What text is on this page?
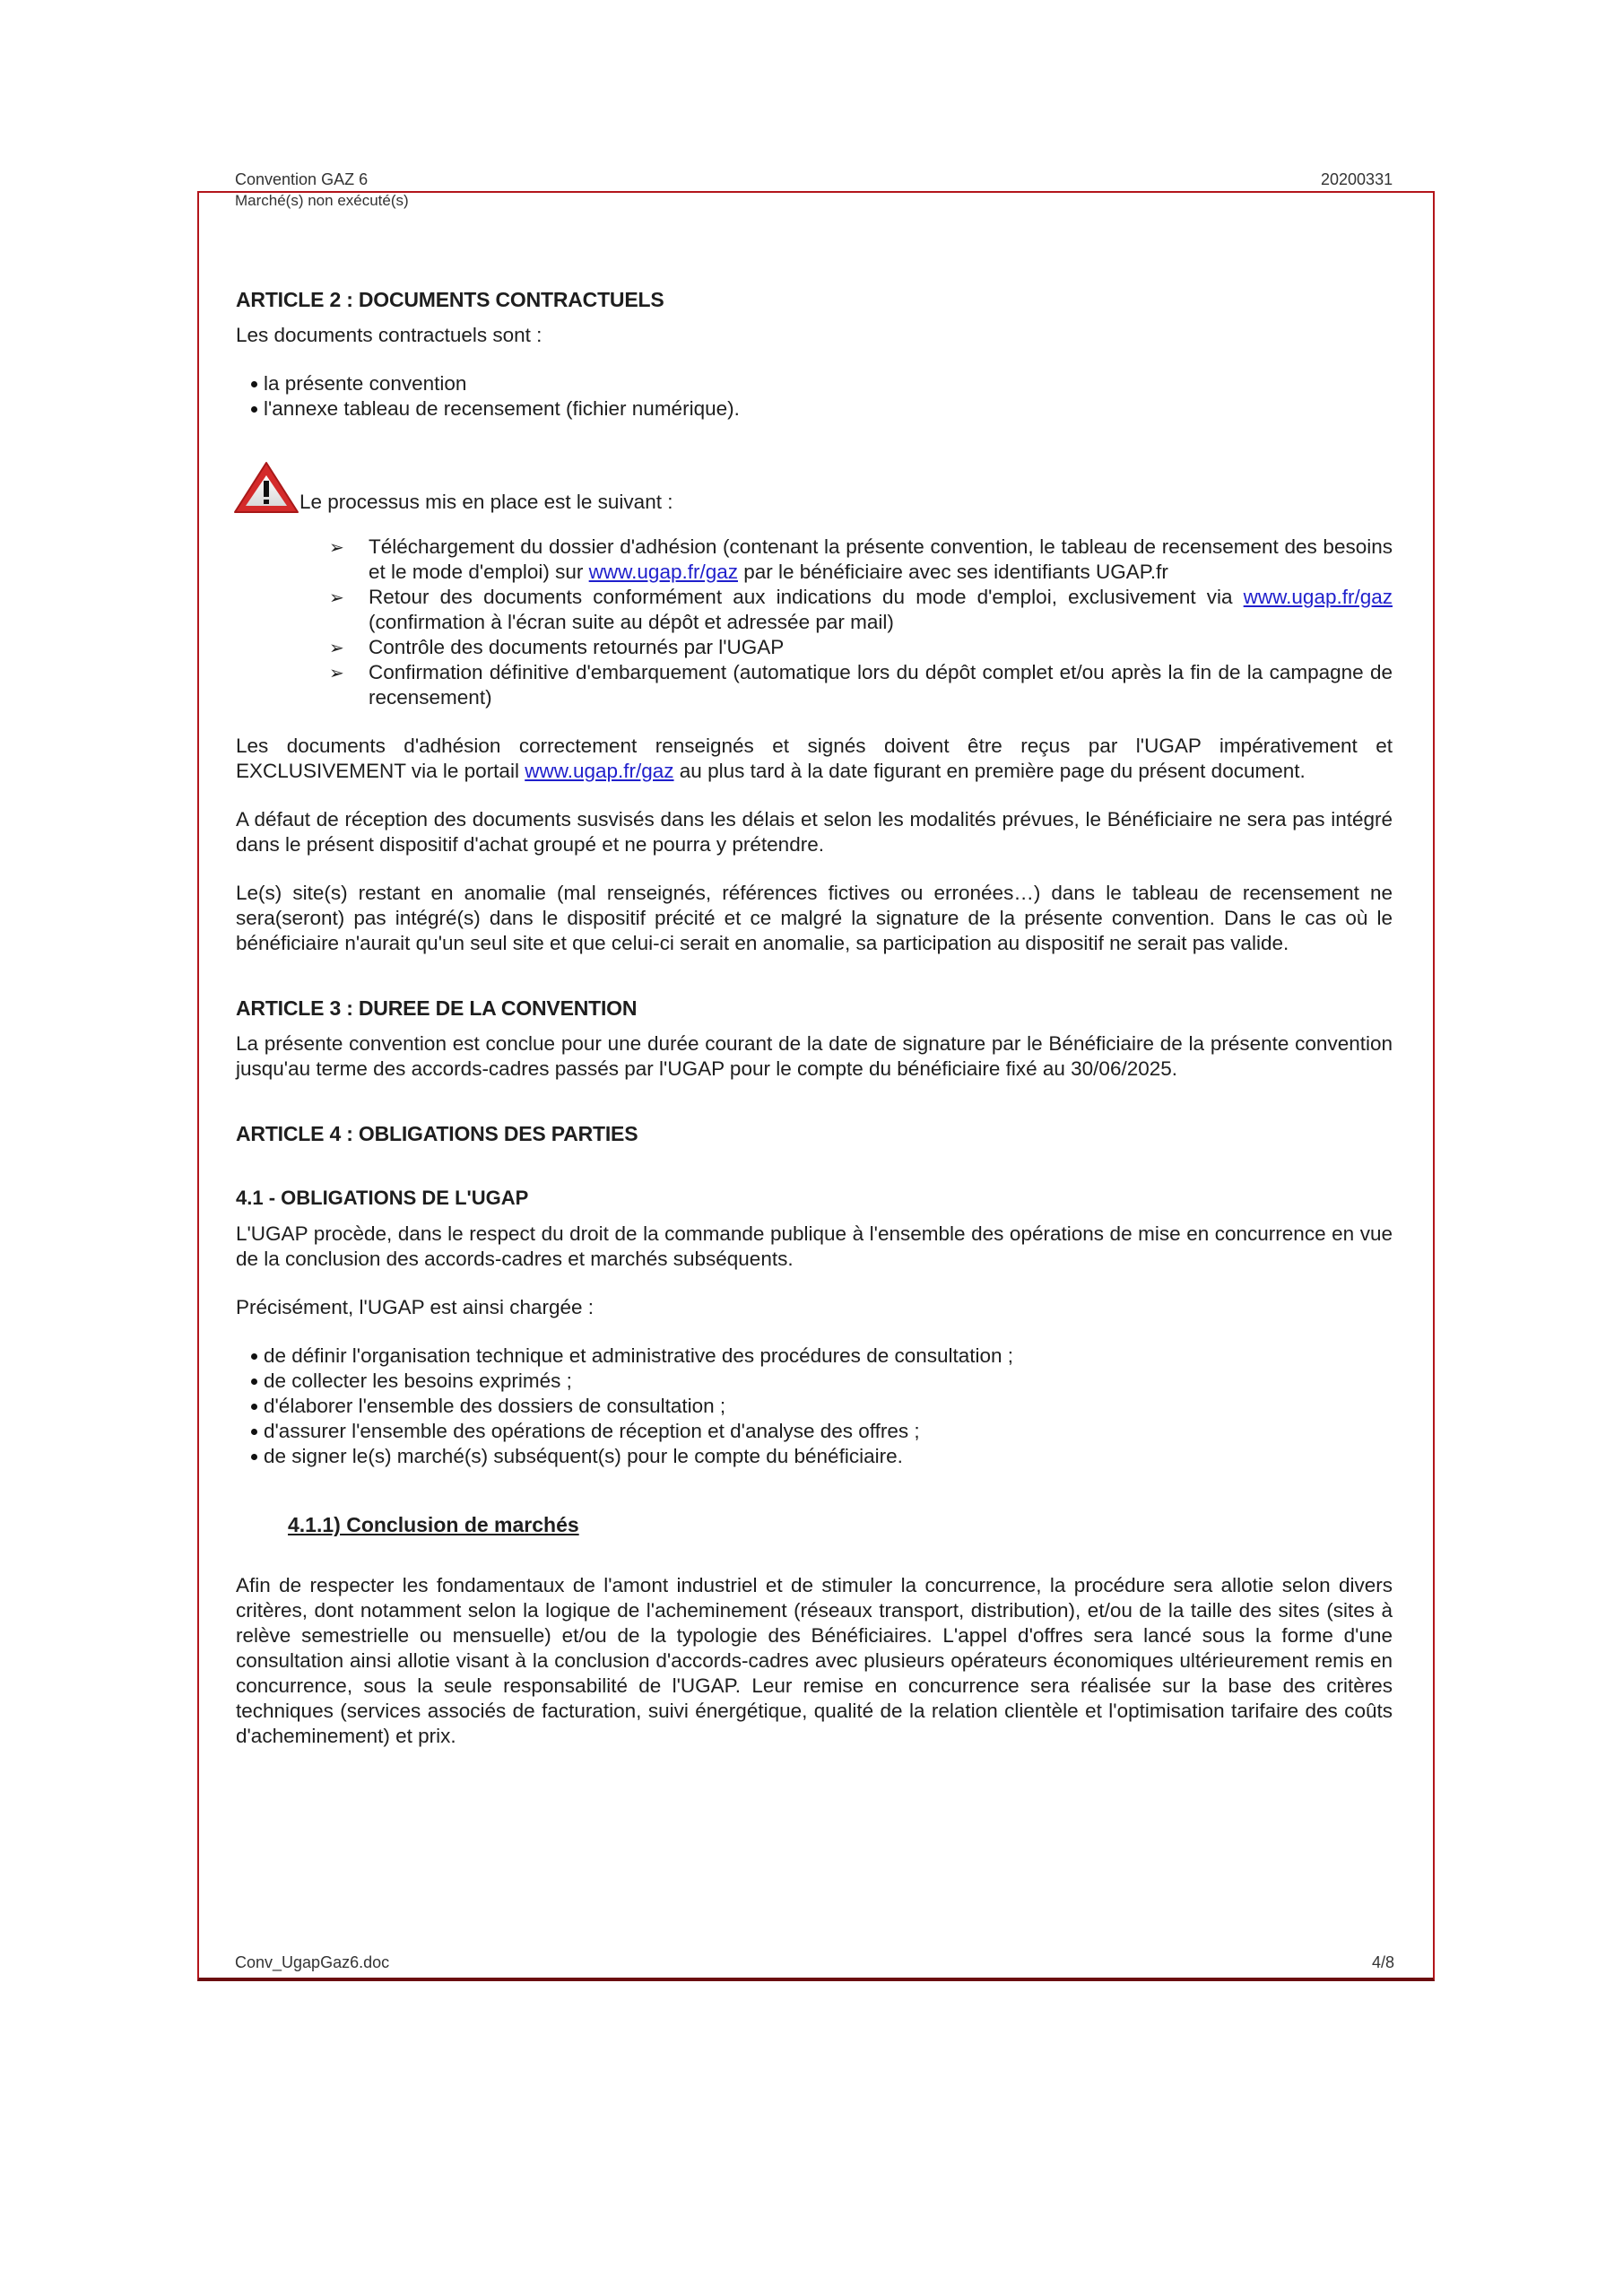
Convention GAZ 6	20200331
Marché(s) non exécuté(s)
ARTICLE 2 : DOCUMENTS CONTRACTUELS

Les documents contractuels sont :

la présente convention
l'annexe tableau de recensement (fichier numérique).
Le processus mis en place est le suivant :
➢ Téléchargement du dossier d'adhésion (contenant la présente convention, le tableau de recensement des besoins et le mode d'emploi) sur www.ugap.fr/gaz par le bénéficiaire avec ses identifiants UGAP.fr
➢ Retour des documents conformément aux indications du mode d'emploi, exclusivement via www.ugap.fr/gaz (confirmation à l'écran suite au dépôt et adressée par mail)
➢ Contrôle des documents retournés par l'UGAP
➢ Confirmation définitive d'embarquement (automatique lors du dépôt complet et/ou après la fin de la campagne de recensement)

Les documents d'adhésion correctement renseignés et signés doivent être reçus par l'UGAP impérativement et EXCLUSIVEMENT via le portail www.ugap.fr/gaz au plus tard à la date figurant en première page du présent document.

A défaut de réception des documents susvisés dans les délais et selon les modalités prévues, le Bénéficiaire ne sera pas intégré dans le présent dispositif d'achat groupé et ne pourra y prétendre.

Le(s) site(s) restant en anomalie (mal renseignés, références fictives ou erronées…) dans le tableau de recensement ne sera(seront) pas intégré(s) dans le dispositif précité et ce malgré la signature de la présente convention. Dans le cas où le bénéficiaire n'aurait qu'un seul site et que celui-ci serait en anomalie, sa participation au dispositif ne serait pas valide.

ARTICLE 3 : DUREE DE LA CONVENTION

La présente convention est conclue pour une durée courant de la date de signature par le Bénéficiaire de la présente convention jusqu'au terme des accords-cadres passés par l'UGAP pour le compte du bénéficiaire fixé au 30/06/2025.

ARTICLE 4 : OBLIGATIONS DES PARTIES
4.1 - OBLIGATIONS DE L'UGAP

L'UGAP procède, dans le respect du droit de la commande publique à l'ensemble des opérations de mise en concurrence en vue de la conclusion des accords-cadres et marchés subséquents.

Précisément, l'UGAP est ainsi chargée :

de définir l'organisation technique et administrative des procédures de consultation ;
de collecter les besoins exprimés ;
d'élaborer l'ensemble des dossiers de consultation ;
d'assurer l'ensemble des opérations de réception et d'analyse des offres ;
de signer le(s) marché(s) subséquent(s) pour le compte du bénéficiaire.
4.1.1) Conclusion de marchés

Afin de respecter les fondamentaux de l'amont industriel et de stimuler la concurrence, la procédure sera allotie selon divers critères, dont notamment selon la logique de l'acheminement (réseaux transport, distribution), et/ou de la taille des sites (sites à relève semestrielle ou mensuelle) et/ou de la typologie des Bénéficiaires. L'appel d'offres sera lancé sous la forme d'une consultation ainsi allotie visant à la conclusion d'accords-cadres avec plusieurs opérateurs économiques ultérieurement remis en concurrence, sous la seule responsabilité de l'UGAP. Leur remise en concurrence sera réalisée sur la base des critères techniques (services associés de facturation, suivi énergétique, qualité de la relation clientèle et l'optimisation tarifaire des coûts d'acheminement) et prix.

Conv_UgapGaz6.doc	4/8
